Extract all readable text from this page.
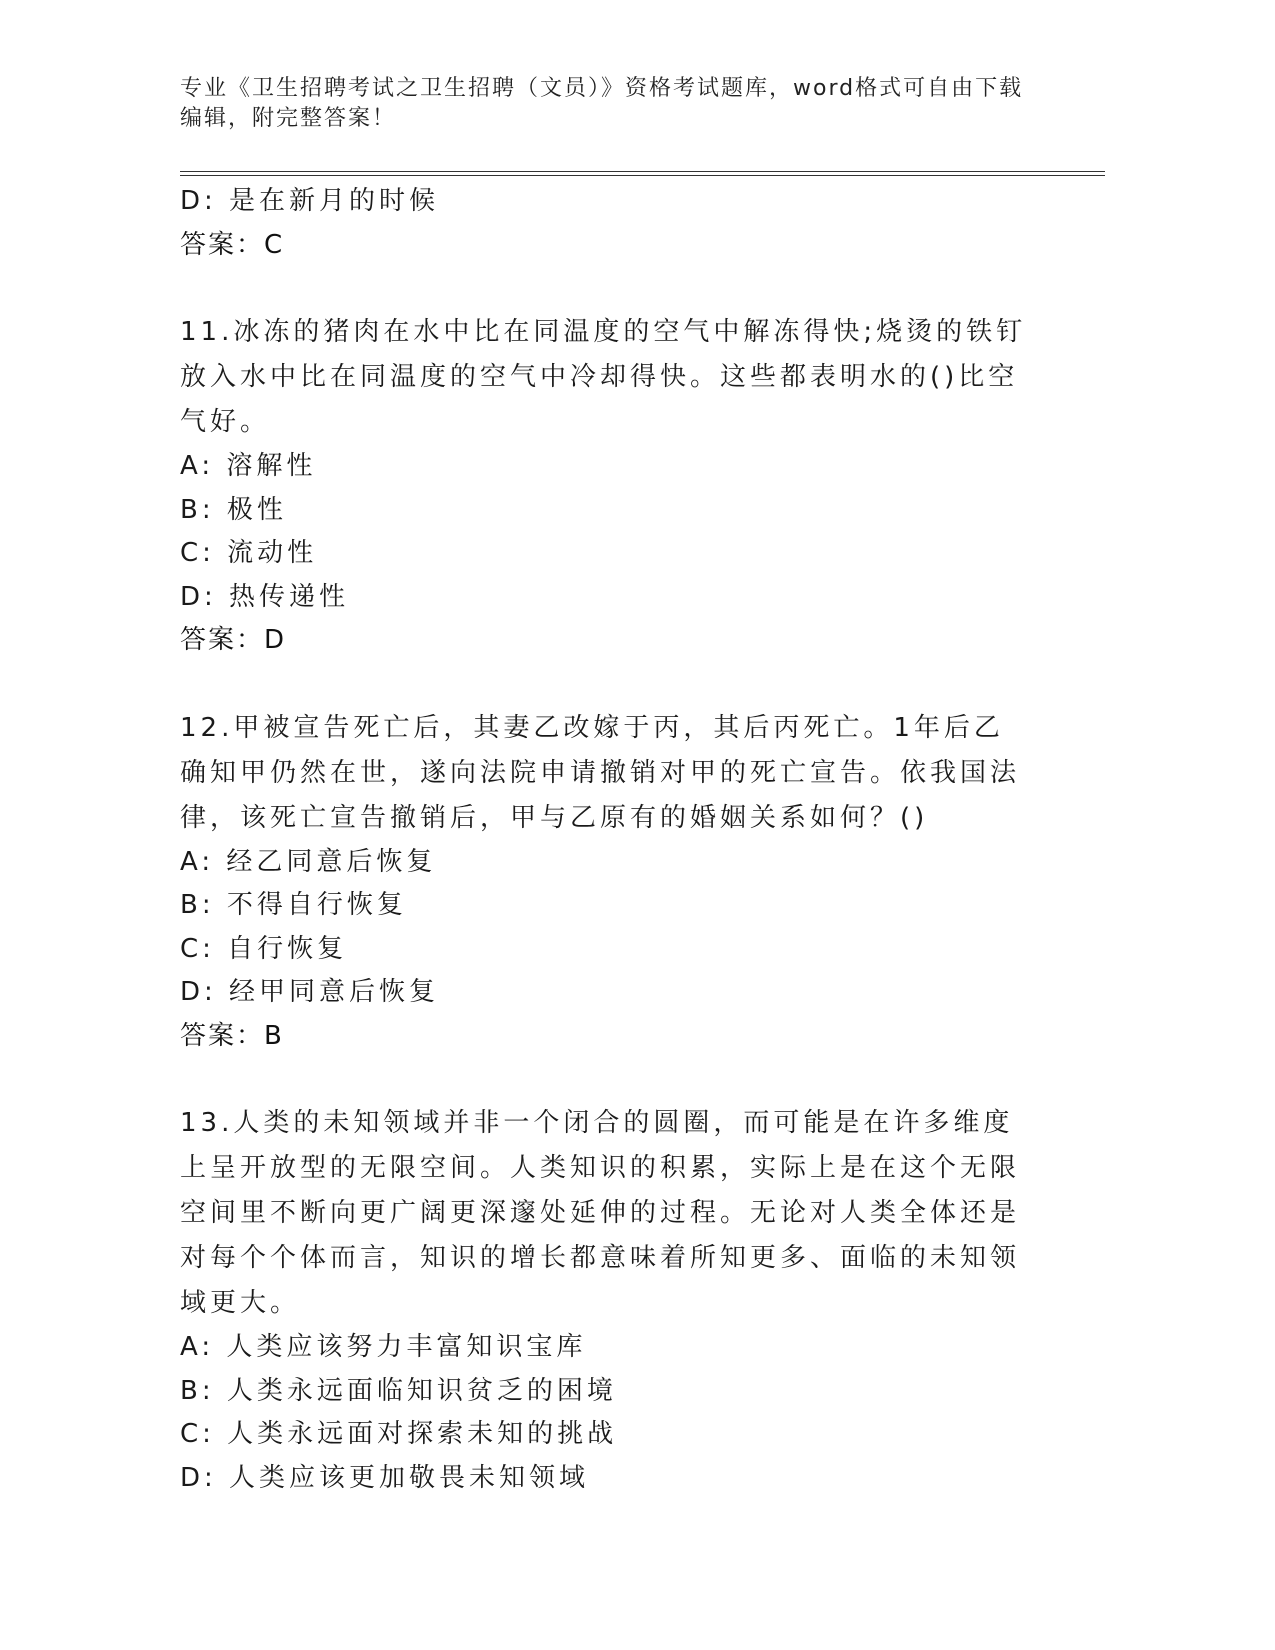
专业《卫生招聘考试之卫生招聘（文员）》资格考试题库，word格式可自由下载
编辑，附完整答案！
D: 是在新月的时候
答案：C
11.冰冻的猪肉在水中比在同温度的空气中解冻得快;烧烫的铁钉放入水中比在同温度的空气中冷却得快。这些都表明水的()比空气好。
A: 溶解性
B: 极性
C: 流动性
D: 热传递性
答案：D
12.甲被宣告死亡后，其妻乙改嫁于丙，其后丙死亡。1年后乙确知甲仍然在世，遂向法院申请撤销对甲的死亡宣告。依我国法律，该死亡宣告撤销后，甲与乙原有的婚姻关系如何？()
A: 经乙同意后恢复
B: 不得自行恢复
C: 自行恢复
D: 经甲同意后恢复
答案：B
13.人类的未知领域并非一个闭合的圆圈，而可能是在许多维度上呈开放型的无限空间。人类知识的积累，实际上是在这个无限空间里不断向更广阔更深邃处延伸的过程。无论对人类全体还是对每个个体而言，知识的增长都意味着所知更多、面临的未知领域更大。
A: 人类应该努力丰富知识宝库
B: 人类永远面临知识贫乏的困境
C: 人类永远面对探索未知的挑战
D: 人类应该更加敬畏未知领域
